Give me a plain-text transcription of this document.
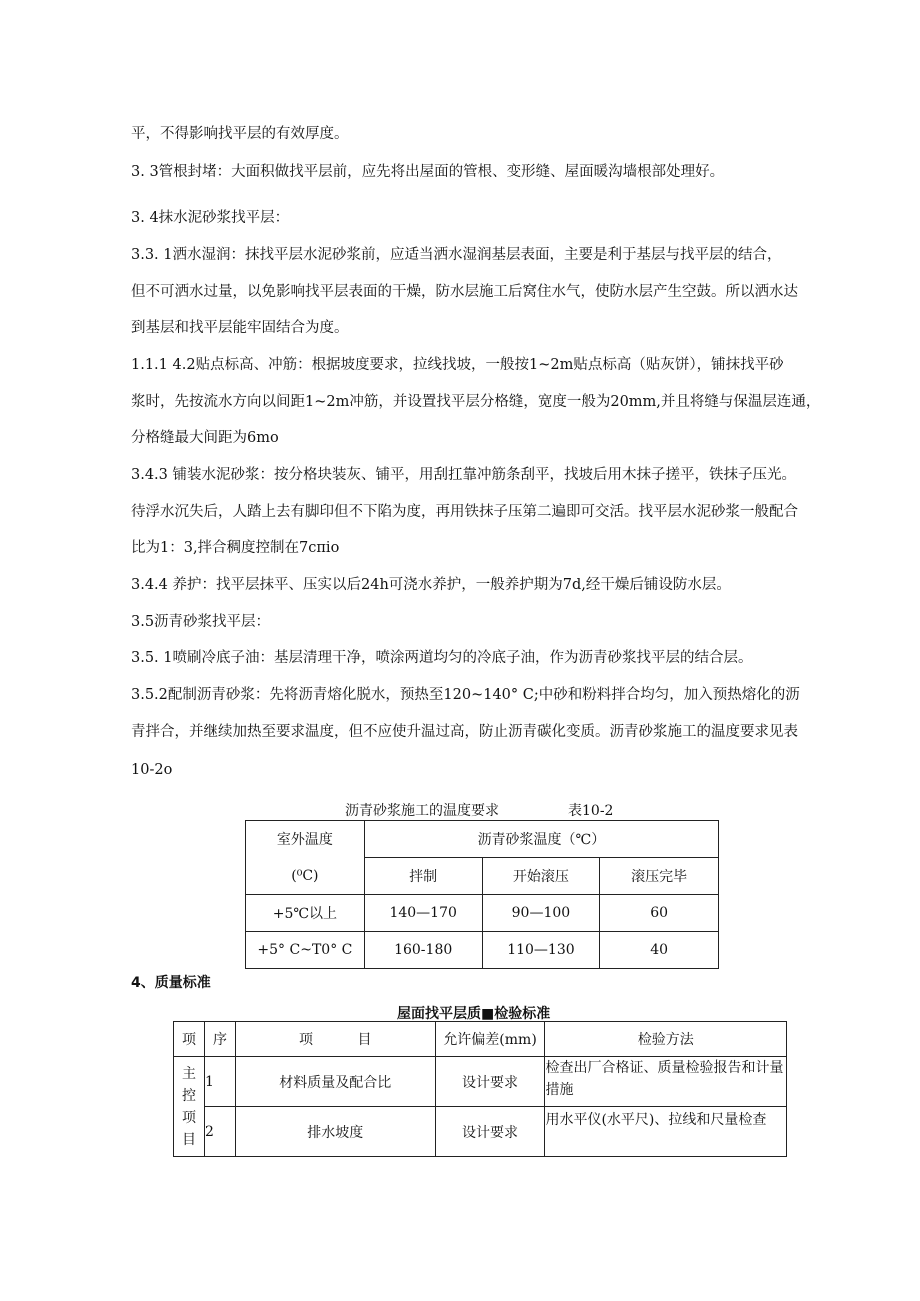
平，不得影响找平层的有效厚度。
3. 3管根封堵：大面积做找平层前，应先将出屋面的管根、变形缝、屋面暖沟墙根部处理好。
3. 4抹水泥砂浆找平层：
3.3. 1洒水湿润：抹找平层水泥砂浆前，应适当洒水湿润基层表面，主要是利于基层与找平层的结合，
但不可洒水过量，以免影响找平层表面的干燥，防水层施工后窝住水气，使防水层产生空鼓。所以洒水达
到基层和找平层能牢固结合为度。
1.1.1 4.2贴点标高、冲筋：根据坡度要求，拉线找坡，一般按1~2m贴点标高（贴灰饼），铺抹找平砂
浆时，先按流水方向以间距1~2m冲筋，并设置找平层分格缝，宽度一般为20mm,并且将缝与保温层连通，
分格缝最大间距为6mo
3.4.3 铺装水泥砂浆：按分格块装灰、铺平，用刮扛靠冲筋条刮平，找坡后用木抹子搓平，铁抹子压光。
待浮水沉失后，人踏上去有脚印但不下陷为度，再用铁抹子压第二遍即可交活。找平层水泥砂浆一般配合
比为1：3,拌合稠度控制在7cπio
3.4.4 养护：找平层抹平、压实以后24h可浇水养护，一般养护期为7d,经干燥后铺设防水层。
3.5沥青砂浆找平层：
3.5. 1喷刷冷底子油：基层清理干净，喷涂两道均匀的冷底子油，作为沥青砂浆找平层的结合层。
3.5.2配制沥青砂浆：先将沥青熔化脱水，预热至120~140° C;中砂和粉料拌合均匀，加入预热熔化的沥
青拌合，并继续加热至要求温度，但不应使升温过高，防止沥青碳化变质。沥青砂浆施工的温度要求见表
10-2o
沥青砂浆施工的温度要求	表10-2
室外温度	沥青砂浆温度（℃）		
(⁰C)	拌制	开始滚压	滚压完毕
+5℃以上	140—170	90—100	60
+5° C~T0° C	160-180	110—130	40
4、质量标准
屋面找平层质■检验标准
项	序	项          目	允许偏差(mm)	检验方法
主控项目	1	材料质量及配合比	设计要求	检查出厂合格证、质量检验报告和计量措施
	2	排水坡度	设计要求	用水平仪(水平尺)、拉线和尺量检查
